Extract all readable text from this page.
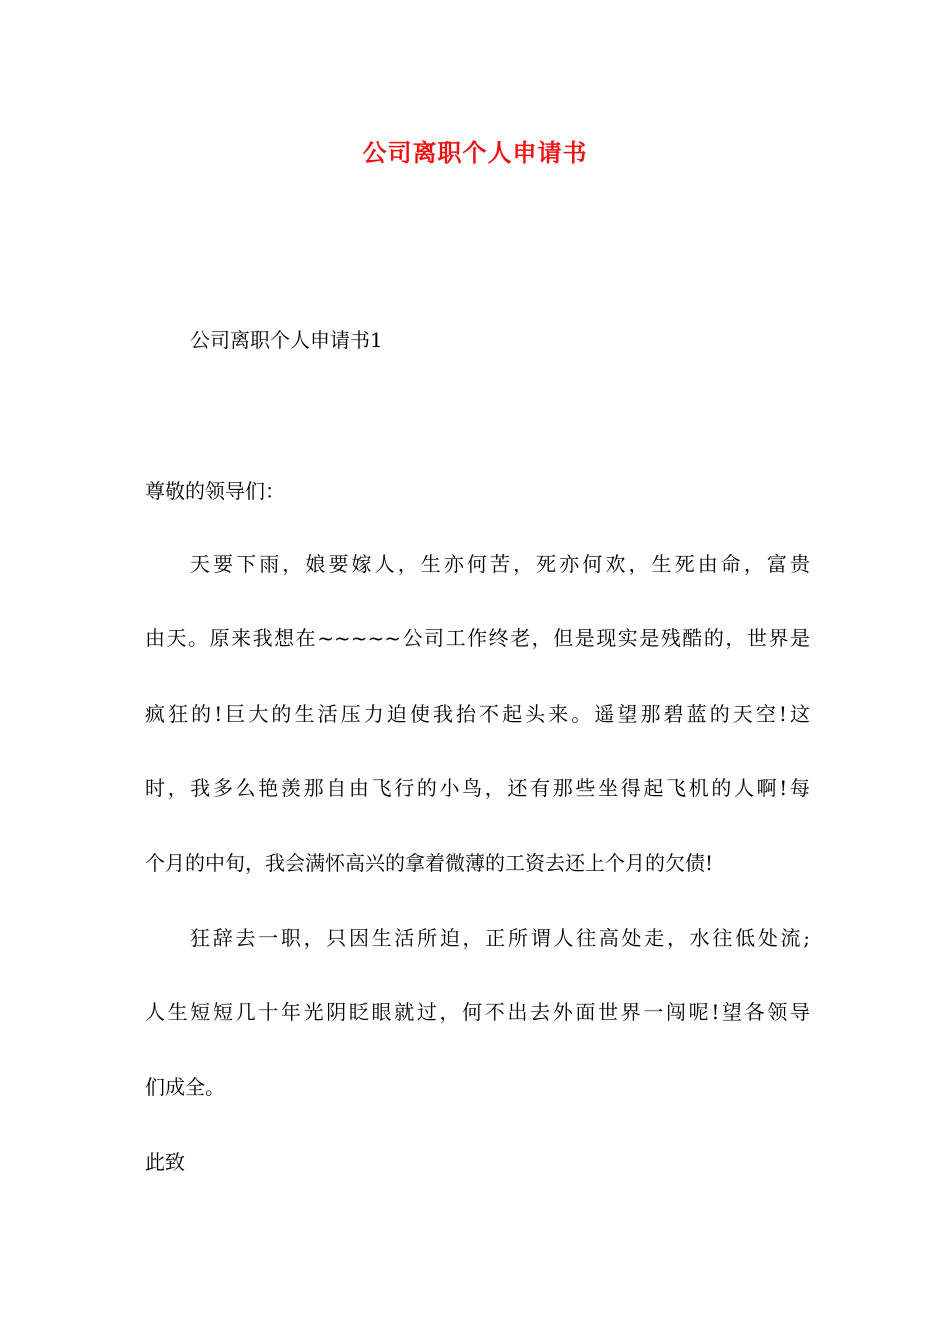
公司离职个人申请书
公司离职个人申请书1
尊敬的领导们：
天要下雨，娘要嫁人，生亦何苦，死亦何欢，生死由命，富贵
由天。原来我想在~~~~~公司工作终老，但是现实是残酷的，世界是
疯狂的!巨大的生活压力迫使我抬不起头来。遥望那碧蓝的天空!这
时，我多么艳羡那自由飞行的小鸟，还有那些坐得起飞机的人啊!每
个月的中旬，我会满怀高兴的拿着微薄的工资去还上个月的欠债!
狂辞去一职，只因生活所迫，正所谓人往高处走，水往低处流;
人生短短几十年光阴眨眼就过，何不出去外面世界一闯呢!望各领导
们成全。
此致
